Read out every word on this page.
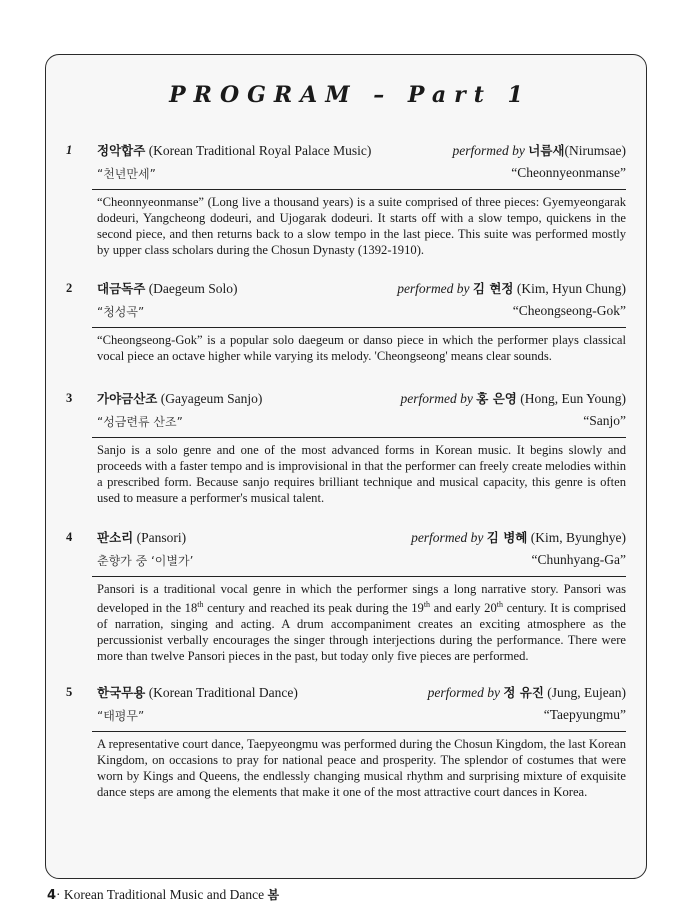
PROGRAM – Part 1
1	정악합주 (Korean Traditional Royal Palace Music)	performed by 너름새(Nirumsae)
“천년만세”	“Cheonnyeonmanse”
“Cheonnyeonmanse” (Long live a thousand years) is a suite comprised of three pieces: Gyemyeongarak dodeuri, Yangcheong dodeuri, and Ujogarak dodeuri. It starts off with a slow tempo, quickens in the second piece, and then returns back to a slow tempo in the last piece. This suite was performed mostly by upper class scholars during the Chosun Dynasty (1392-1910).
2	대금독주 (Daegeum Solo)	performed by 김 현정 (Kim, Hyun Chung)
“청성곡”	“Cheongseong-Gok”
“Cheongseong-Gok” is a popular solo daegeum or danso piece in which the performer plays classical vocal piece an octave higher while varying its melody. 'Cheongseong' means clear sounds.
3	가야금산조 (Gayageum Sanjo)	performed by 홍 은영 (Hong, Eun Young)
“성금련류 산조”	“Sanjo”
Sanjo is a solo genre and one of the most advanced forms in Korean music. It begins slowly and proceeds with a faster tempo and is improvisional in that the performer can freely create melodies within a prescribed form. Because sanjo requires brilliant technique and musical capacity, this genre is often used to measure a performer's musical talent.
4	판소리 (Pansori)	performed by 김 병혜 (Kim, Byunghye)
춘향가 중 ‘이별가’	“Chunhyang-Ga”
Pansori is a traditional vocal genre in which the performer sings a long narrative story. Pansori was developed in the 18th century and reached its peak during the 19th and early 20th century. It is comprised of narration, singing and acting. A drum accompaniment creates an exciting atmosphere as the percussionist verbally encourages the singer through interjections during the performance. There were more than twelve Pansori pieces in the past, but today only five pieces are performed.
5	한국무용 (Korean Traditional Dance)	performed by 정 유진 (Jung, Eujean)
“태평무”	“Taepyungmu”
A representative court dance, Taepyeongmu was performed during the Chosun Kingdom, the last Korean Kingdom, on occasions to pray for national peace and prosperity. The splendor of costumes that were worn by Kings and Queens, the endlessly changing musical rhythm and surprising mixture of exquisite dance steps are among the elements that make it one of the most attractive court dances in Korea.
4· Korean Traditional Music and Dance 봄
